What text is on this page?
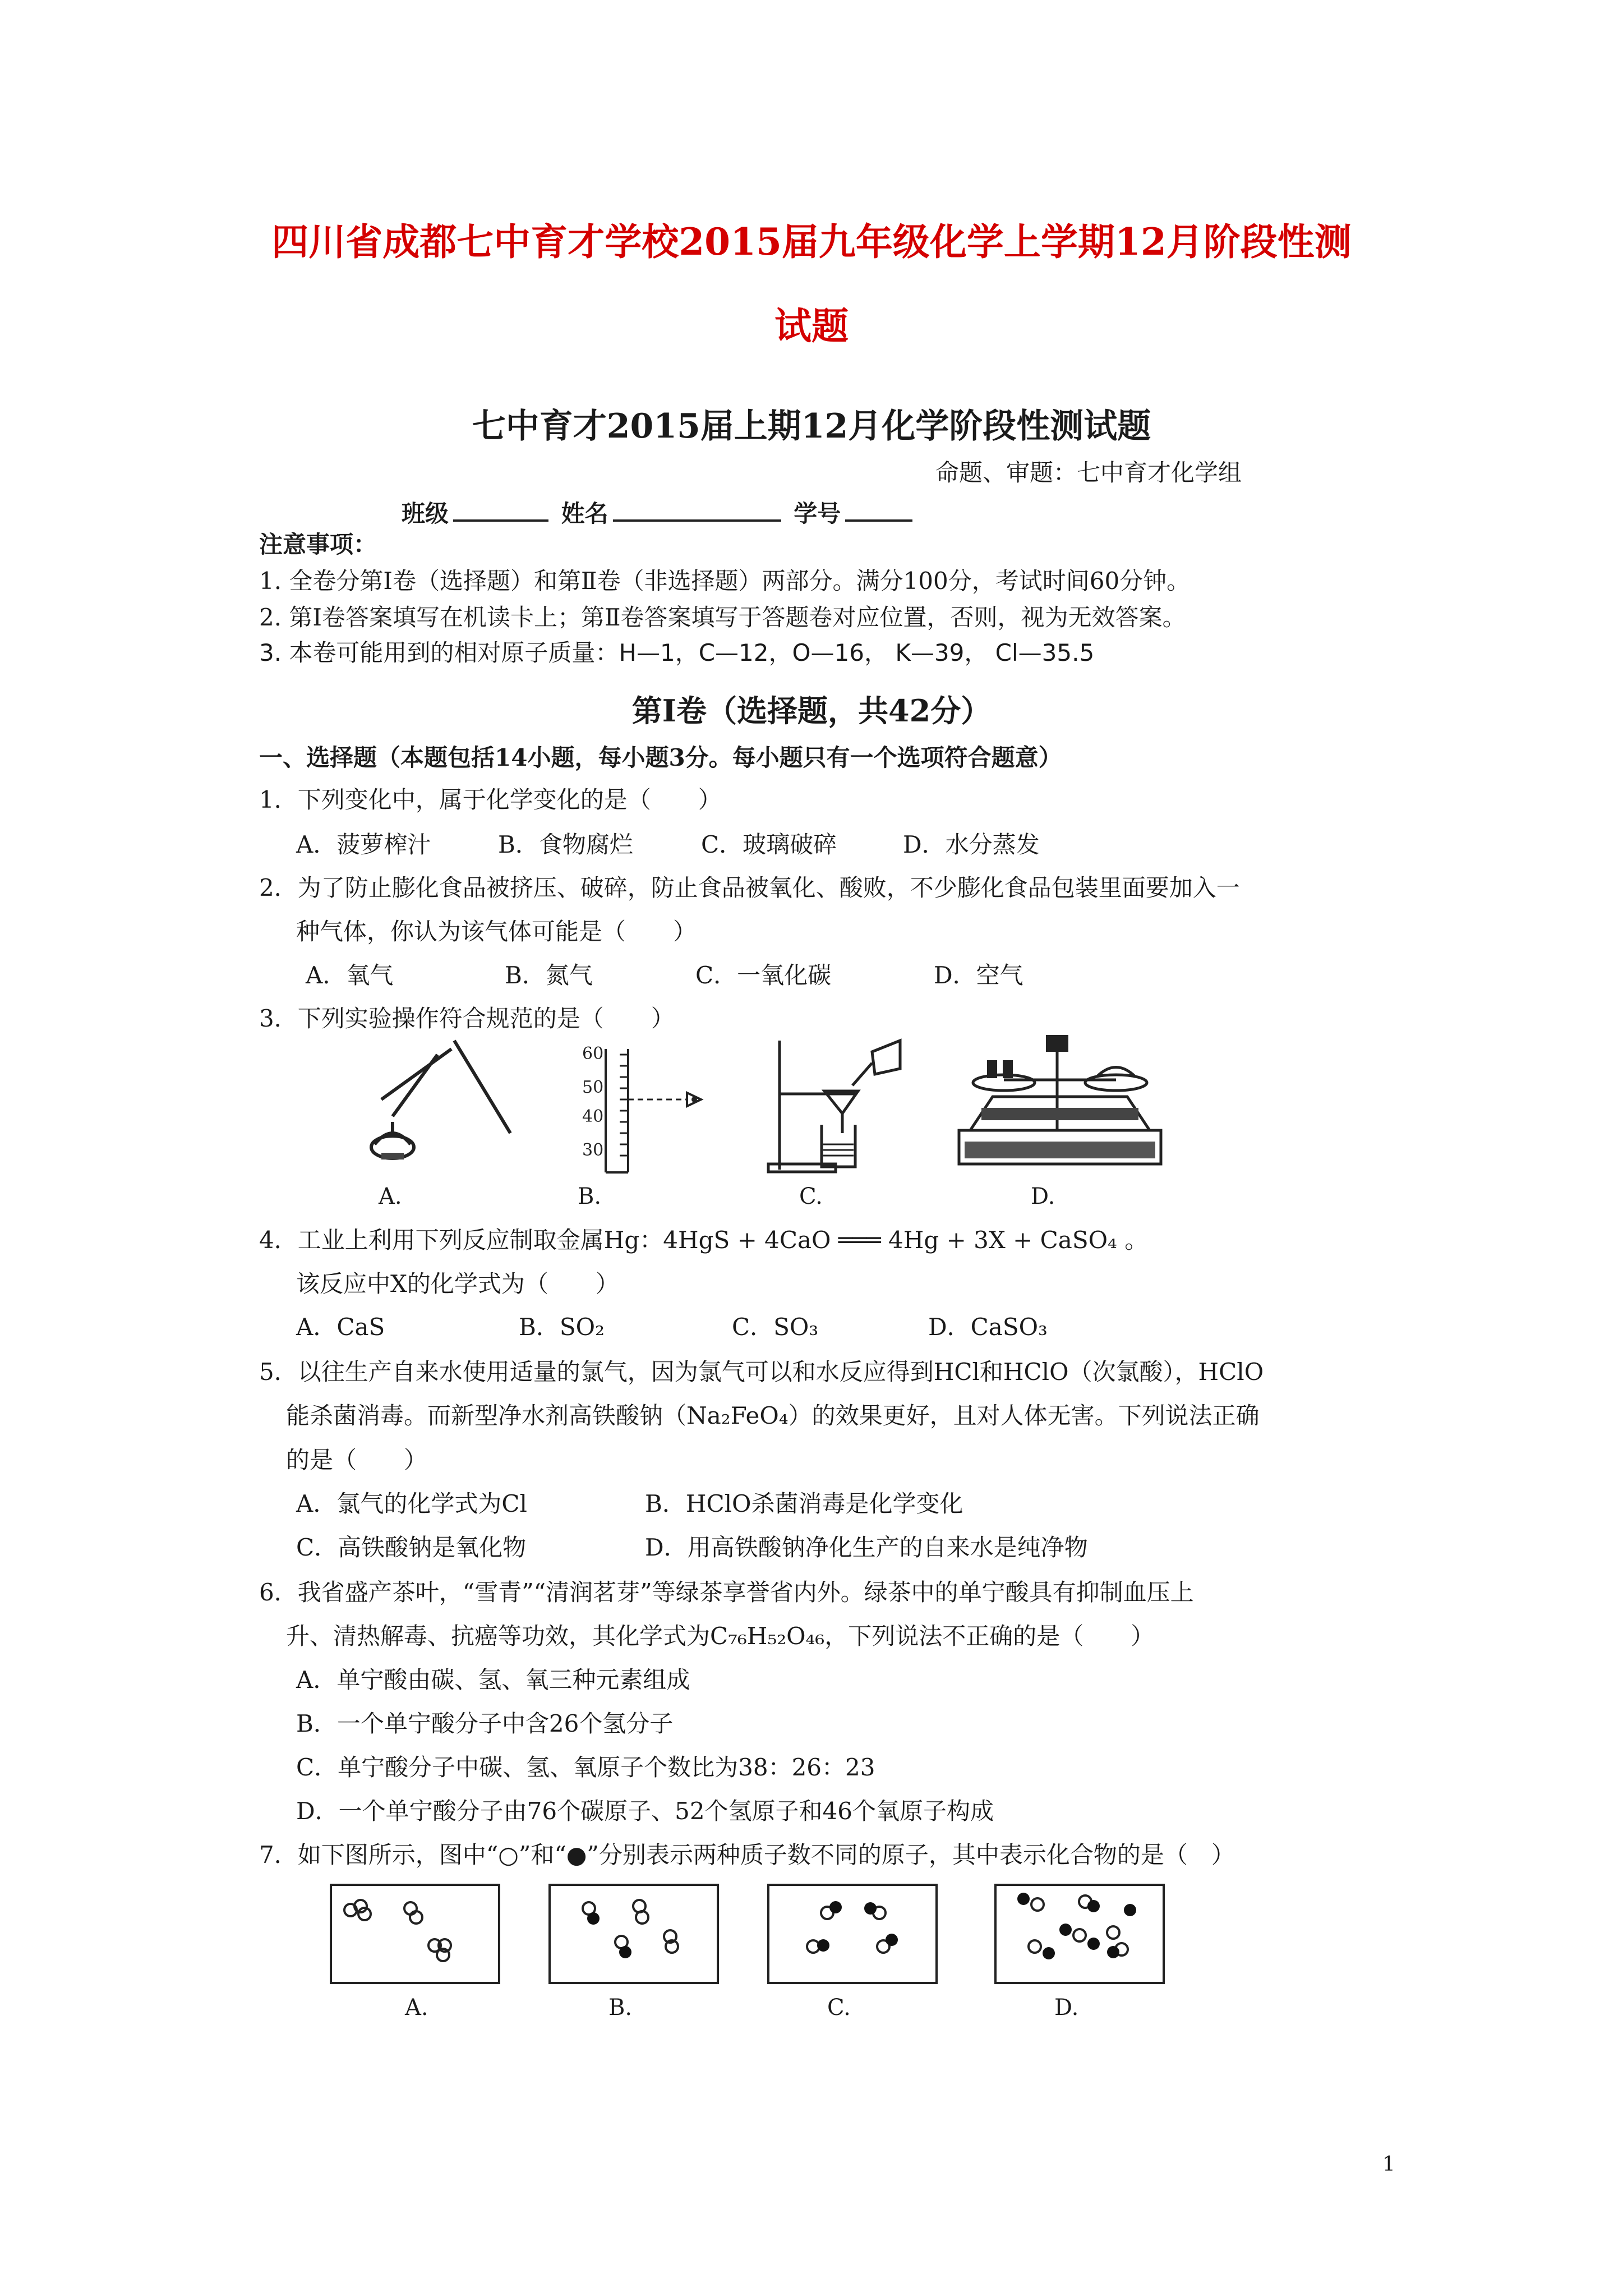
四川省成都七中育才学校2015届九年级化学上学期12月阶段性测
试题
七中育才2015届上期12月化学阶段性测试题
命题、审题：七中育才化学组
班级	姓名	学号
注意事项：
1. 全卷分第Ⅰ卷（选择题）和第Ⅱ卷（非选择题）两部分。满分100分，考试时间60分钟。
2. 第Ⅰ卷答案填写在机读卡上；第Ⅱ卷答案填写于答题卷对应位置，否则，视为无效答案。
3. 本卷可能用到的相对原子质量：H—1，C—12，O—16， K—39， Cl—35.5
第Ⅰ卷（选择题，共42分）
一、选择题（本题包括14小题，每小题3分。每小题只有一个选项符合题意）
1．下列变化中，属于化学变化的是（　　）
A．菠萝榨汁	B．食物腐烂	C．玻璃破碎	D．水分蒸发
2．为了防止膨化食品被挤压、破碎，防止食品被氧化、酸败，不少膨化食品包装里面要加入一
种气体，你认为该气体可能是（　　）
A．氧气	B．氮气	C．一氧化碳	D．空气
3．下列实验操作符合规范的是（　　）
60
50
40
30
A.	B.	C.	D.
4．工业上利用下列反应制取金属Hg：4HgS + 4CaO ═══ 4Hg + 3X + CaSO₄ 。
该反应中X的化学式为（　　）
A．CaS	B．SO₂	C．SO₃	D．CaSO₃
5．以往生产自来水使用适量的氯气，因为氯气可以和水反应得到HCl和HClO（次氯酸），HClO
能杀菌消毒。而新型净水剂高铁酸钠（Na₂FeO₄）的效果更好，且对人体无害。下列说法正确
的是（　　）
A．氯气的化学式为Cl	B．HClO杀菌消毒是化学变化
C．高铁酸钠是氧化物	D．用高铁酸钠净化生产的自来水是纯净物
6．我省盛产茶叶，“雪青”“清润茗芽”等绿茶享誉省内外。绿茶中的单宁酸具有抑制血压上
升、清热解毒、抗癌等功效，其化学式为C₇₆H₅₂O₄₆，下列说法不正确的是（　　）
A．单宁酸由碳、氢、氧三种元素组成
B．一个单宁酸分子中含26个氢分子
C．单宁酸分子中碳、氢、氧原子个数比为38：26：23
D．一个单宁酸分子由76个碳原子、52个氢原子和46个氧原子构成
7．如下图所示，图中“○”和“●”分别表示两种质子数不同的原子，其中表示化合物的是（　）
A.	B.	C.	D.
1
